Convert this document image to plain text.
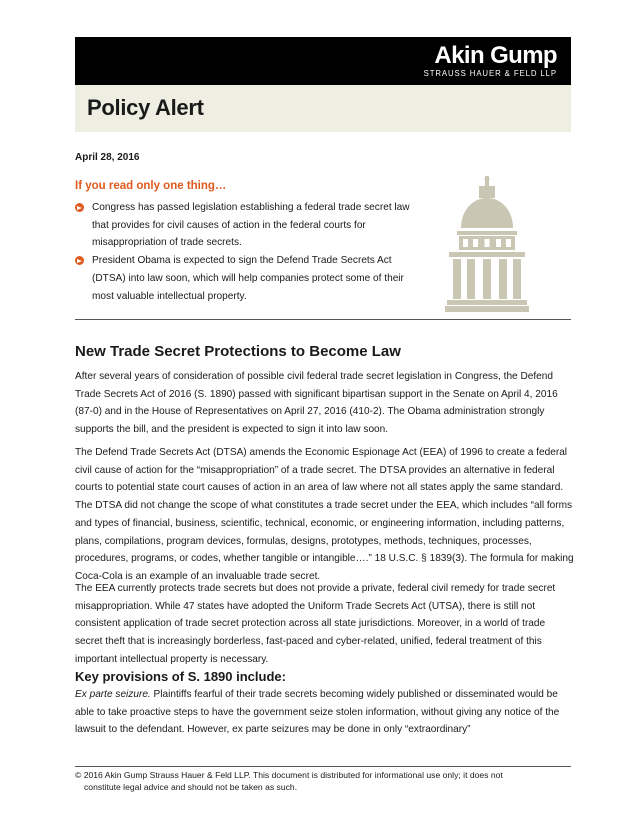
Akin Gump
STRAUSS HAUER & FELD LLP
Policy Alert
April 28, 2016
If you read only one thing…
Congress has passed legislation establishing a federal trade secret law that provides for civil causes of action in the federal courts for misappropriation of trade secrets.
President Obama is expected to sign the Defend Trade Secrets Act (DTSA) into law soon, which will help companies protect some of their most valuable intellectual property.
New Trade Secret Protections to Become Law

After several years of consideration of possible civil federal trade secret legislation in Congress, the Defend Trade Secrets Act of 2016 (S. 1890) passed with significant bipartisan support in the Senate on April 4, 2016 (87-0) and in the House of Representatives on April 27, 2016 (410-2). The Obama administration strongly supports the bill, and the president is expected to sign it into law soon.

The Defend Trade Secrets Act (DTSA) amends the Economic Espionage Act (EEA) of 1996 to create a federal civil cause of action for the “misappropriation” of a trade secret. The DTSA provides an alternative in federal courts to potential state court causes of action in an area of law where not all states apply the same standard. The DTSA did not change the scope of what constitutes a trade secret under the EEA, which includes “all forms and types of financial, business, scientific, technical, economic, or engineering information, including patterns, plans, compilations, program devices, formulas, designs, prototypes, methods, techniques, processes, procedures, programs, or codes, whether tangible or intangible….” 18 U.S.C. § 1839(3). The formula for making Coca-Cola is an example of an invaluable trade secret.

The EEA currently protects trade secrets but does not provide a private, federal civil remedy for trade secret misappropriation. While 47 states have adopted the Uniform Trade Secrets Act (UTSA), there is still not consistent application of trade secret protection across all state jurisdictions. Moreover, in a world of trade secret theft that is increasingly borderless, fast-paced and cyber-related, unified, federal treatment of this important intellectual property is necessary.

Key provisions of S. 1890 include:

Ex parte seizure. Plaintiffs fearful of their trade secrets becoming widely published or disseminated would be able to take proactive steps to have the government seize stolen information, without giving any notice of the lawsuit to the defendant. However, ex parte seizures may be done in only “extraordinary”

© 2016 Akin Gump Strauss Hauer & Feld LLP. This document is distributed for informational use only; it does not
constitute legal advice and should not be taken as such.
